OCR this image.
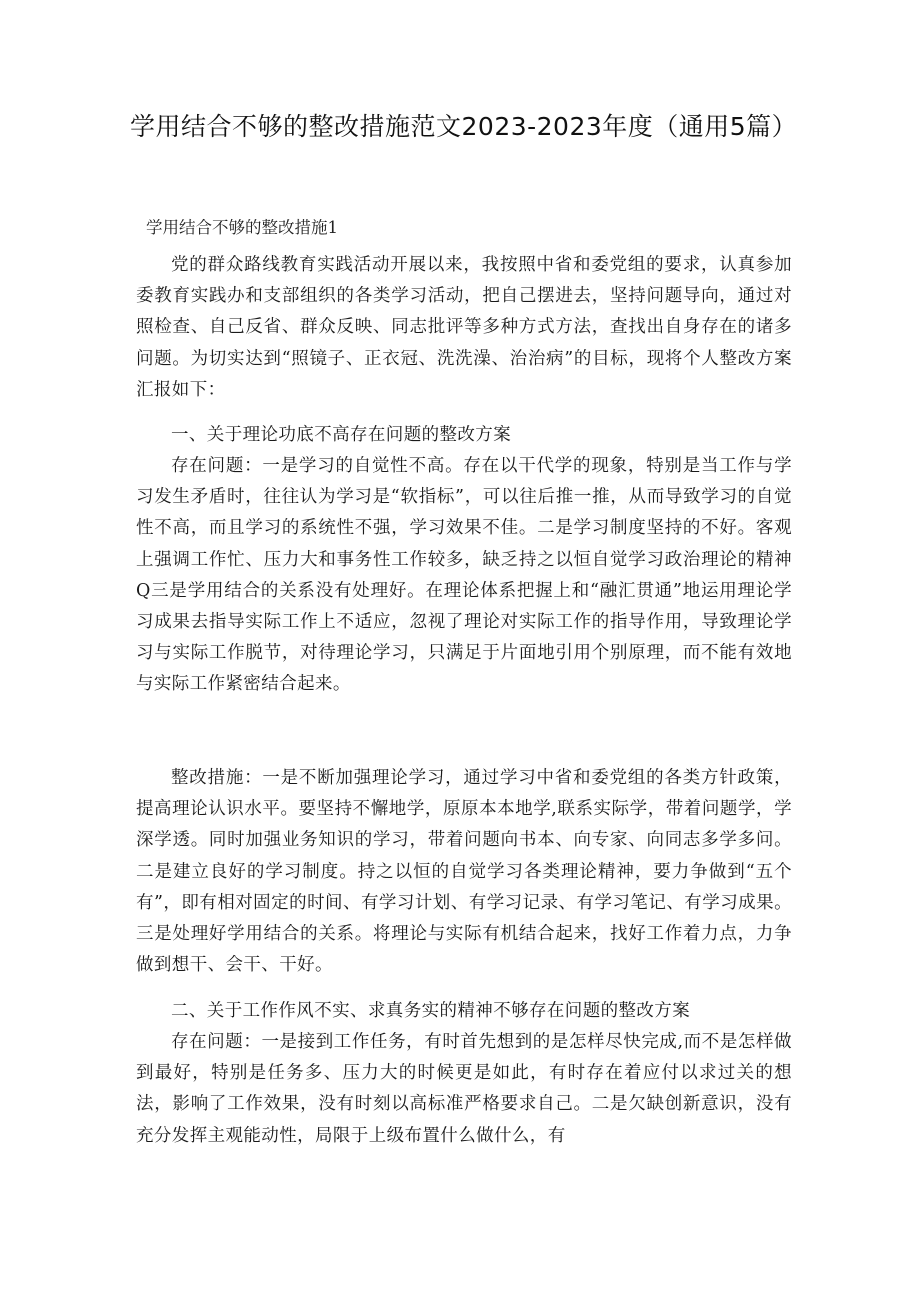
学用结合不够的整改措施范文2023-2023年度（通用5篇）
学用结合不够的整改措施1

党的群众路线教育实践活动开展以来，我按照中省和委党组的要求，认真参加委教育实践办和支部组织的各类学习活动，把自己摆进去，坚持问题导向，通过对照检查、自己反省、群众反映、同志批评等多种方式方法，查找出自身存在的诸多问题。为切实达到“照镜子、正衣冠、洗洗澡、治治病”的目标，现将个人整改方案汇报如下：

一、关于理论功底不高存在问题的整改方案

存在问题：一是学习的自觉性不高。存在以干代学的现象，特别是当工作与学习发生矛盾时，往往认为学习是“软指标”，可以往后推一推，从而导致学习的自觉性不高，而且学习的系统性不强，学习效果不佳。二是学习制度坚持的不好。客观上强调工作忙、压力大和事务性工作较多，缺乏持之以恒自觉学习政治理论的精神Q三是学用结合的关系没有处理好。在理论体系把握上和“融汇贯通”地运用理论学习成果去指导实际工作上不适应，忽视了理论对实际工作的指导作用，导致理论学习与实际工作脱节，对待理论学习，只满足于片面地引用个别原理，而不能有效地与实际工作紧密结合起来。

整改措施：一是不断加强理论学习，通过学习中省和委党组的各类方针政策，提高理论认识水平。要坚持不懈地学，原原本本地学,联系实际学，带着问题学，学深学透。同时加强业务知识的学习，带着问题向书本、向专家、向同志多学多问。二是建立良好的学习制度。持之以恒的自觉学习各类理论精神，要力争做到“五个有”，即有相对固定的时间、有学习计划、有学习记录、有学习笔记、有学习成果。三是处理好学用结合的关系。将理论与实际有机结合起来，找好工作着力点，力争做到想干、会干、干好。

二、关于工作作风不实、求真务实的精神不够存在问题的整改方案

存在问题：一是接到工作任务，有时首先想到的是怎样尽快完成,而不是怎样做到最好，特别是任务多、压力大的时候更是如此，有时存在着应付以求过关的想法，影响了工作效果，没有时刻以高标准严格要求自己。二是欠缺创新意识，没有充分发挥主观能动性，局限于上级布置什么做什么，有
